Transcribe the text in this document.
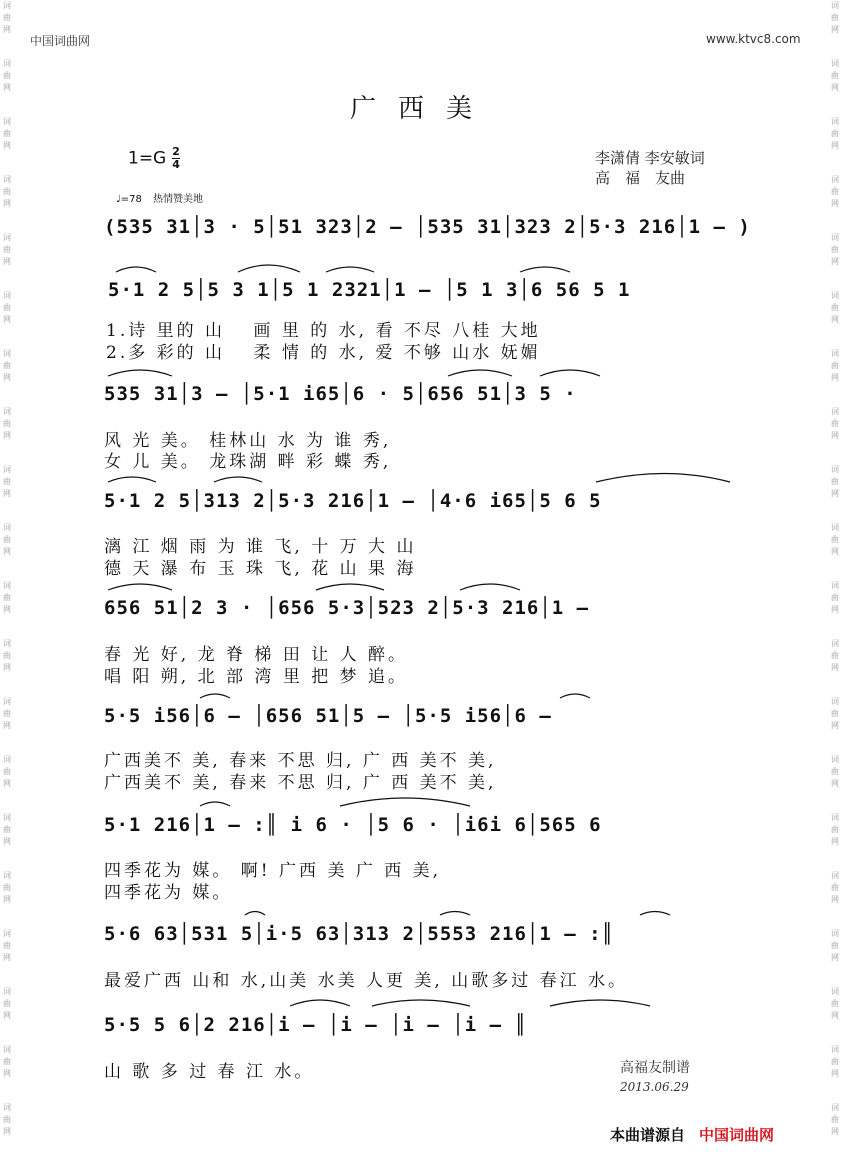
词曲网
词曲网
词曲网
词曲网
词曲网
词曲网
词曲网
词曲网
词曲网
词曲网
词曲网
词曲网
词曲网
词曲网
词曲网
词曲网
词曲网
词曲网
词曲网
词曲网
词曲网
词曲网
词曲网
词曲网
词曲网
词曲网
词曲网
词曲网
词曲网
词曲网
词曲网
词曲网
词曲网
词曲网
词曲网
词曲网
词曲网
词曲网
词曲网
词曲网
中国词曲网	www.ktvc8.com
广西美
$1=G \frac{2}{4}$	李潇倩 李安敏词
高　福　友曲
♩=78 热情赞美地
(535 31│3 · 5│51 323│2 – │535 31│323 2│5·3 216│1 – )
5·1 2 5│5 3 1│5 1 2321│1 – │5 1 3│6 56 5 1
1.诗 里的 山　 画 里 的 水, 看 不尽 八桂 大地
2.多 彩的 山　 柔 情 的 水, 爱 不够 山水 妩媚
535 31│3 – │5·1 i65│6 · 5│656 51│3 5 ·
风 光 美。 桂林山 水 为 谁 秀,
女 儿 美。 龙珠湖 畔 彩 蝶 秀,
5·1 2 5│313 2│5·3 216│1 – │4·6 i65│5 6 5
漓 江 烟 雨 为 谁 飞, 十 万 大 山
德 天 瀑 布 玉 珠 飞, 花 山 果 海
656 51│2 3 · │656 5·3│523 2│5·3 216│1 –
春 光 好, 龙 脊 梯 田 让 人 醉。
唱 阳 朔, 北 部 湾 里 把 梦 追。
5·5 i56│6 – │656 51│5 – │5·5 i56│6 –
广西美不 美, 春来 不思 归, 广 西 美不 美,
广西美不 美, 春来 不思 归, 广 西 美不 美,
5·1 216│1 – :║ i 6 · │5 6 · │i6i 6│565 6
四季花为 媒。 啊! 广西 美 广 西 美,
四季花为 媒。
5·6 63│531 5│i·5 63│313 2│5553 216│1 – :║
最爱广西 山和 水,山美 水美 人更 美, 山歌多过 春江 水。
5·5 5 6│2 216│i – │i – │i – │i – ║
山 歌 多 过 春 江 水。	高福友制谱
2013.06.29
本曲谱源自 中国词曲网
